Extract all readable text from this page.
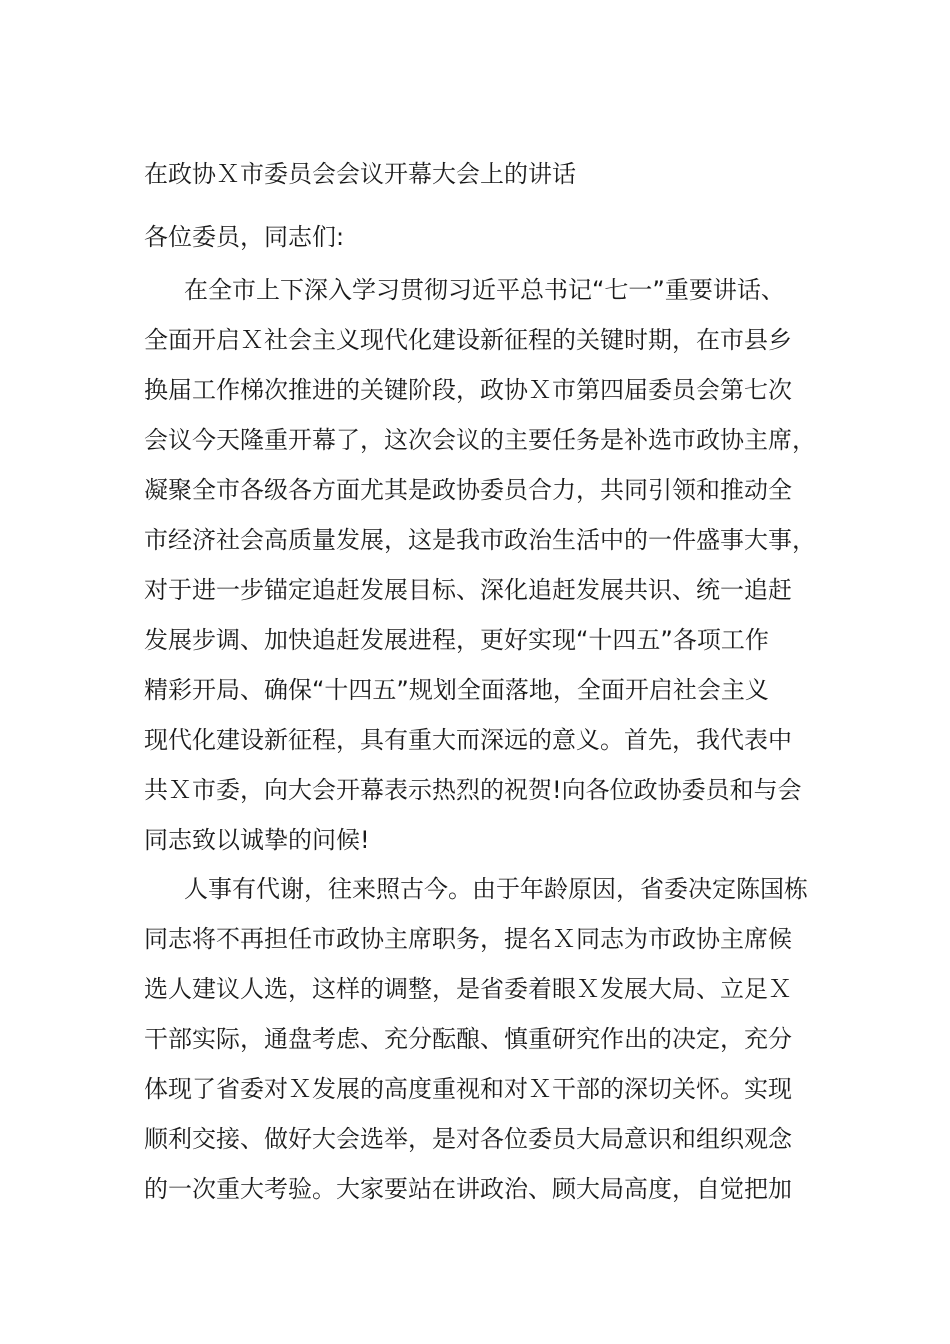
在政协Ｘ市委员会会议开幕大会上的讲话
各位委员，同志们:
在全市上下深入学习贯彻习近平总书记“七一”重要讲话、
全面开启Ｘ社会主义现代化建设新征程的关键时期，在市县乡
换届工作梯次推进的关键阶段，政协Ｘ市第四届委员会第七次
会议今天隆重开幕了，这次会议的主要任务是补选市政协主席，
凝聚全市各级各方面尤其是政协委员合力，共同引领和推动全
市经济社会高质量发展，这是我市政治生活中的一件盛事大事，
对于进一步锚定追赶发展目标、深化追赶发展共识、统一追赶
发展步调、加快追赶发展进程，更好实现“十四五”各项工作
精彩开局、确保“十四五”规划全面落地，全面开启社会主义
现代化建设新征程，具有重大而深远的意义。首先，我代表中
共Ｘ市委，向大会开幕表示热烈的祝贺!向各位政协委员和与会
同志致以诚挚的问候!
人事有代谢，往来照古今。由于年龄原因，省委决定陈国栋
同志将不再担任市政协主席职务，提名Ｘ同志为市政协主席候
选人建议人选，这样的调整，是省委着眼Ｘ发展大局、立足Ｘ
干部实际，通盘考虑、充分酝酿、慎重研究作出的决定，充分
体现了省委对Ｘ发展的高度重视和对Ｘ干部的深切关怀。实现
顺利交接、做好大会选举，是对各位委员大局意识和组织观念
的一次重大考验。大家要站在讲政治、顾大局高度，自觉把加
